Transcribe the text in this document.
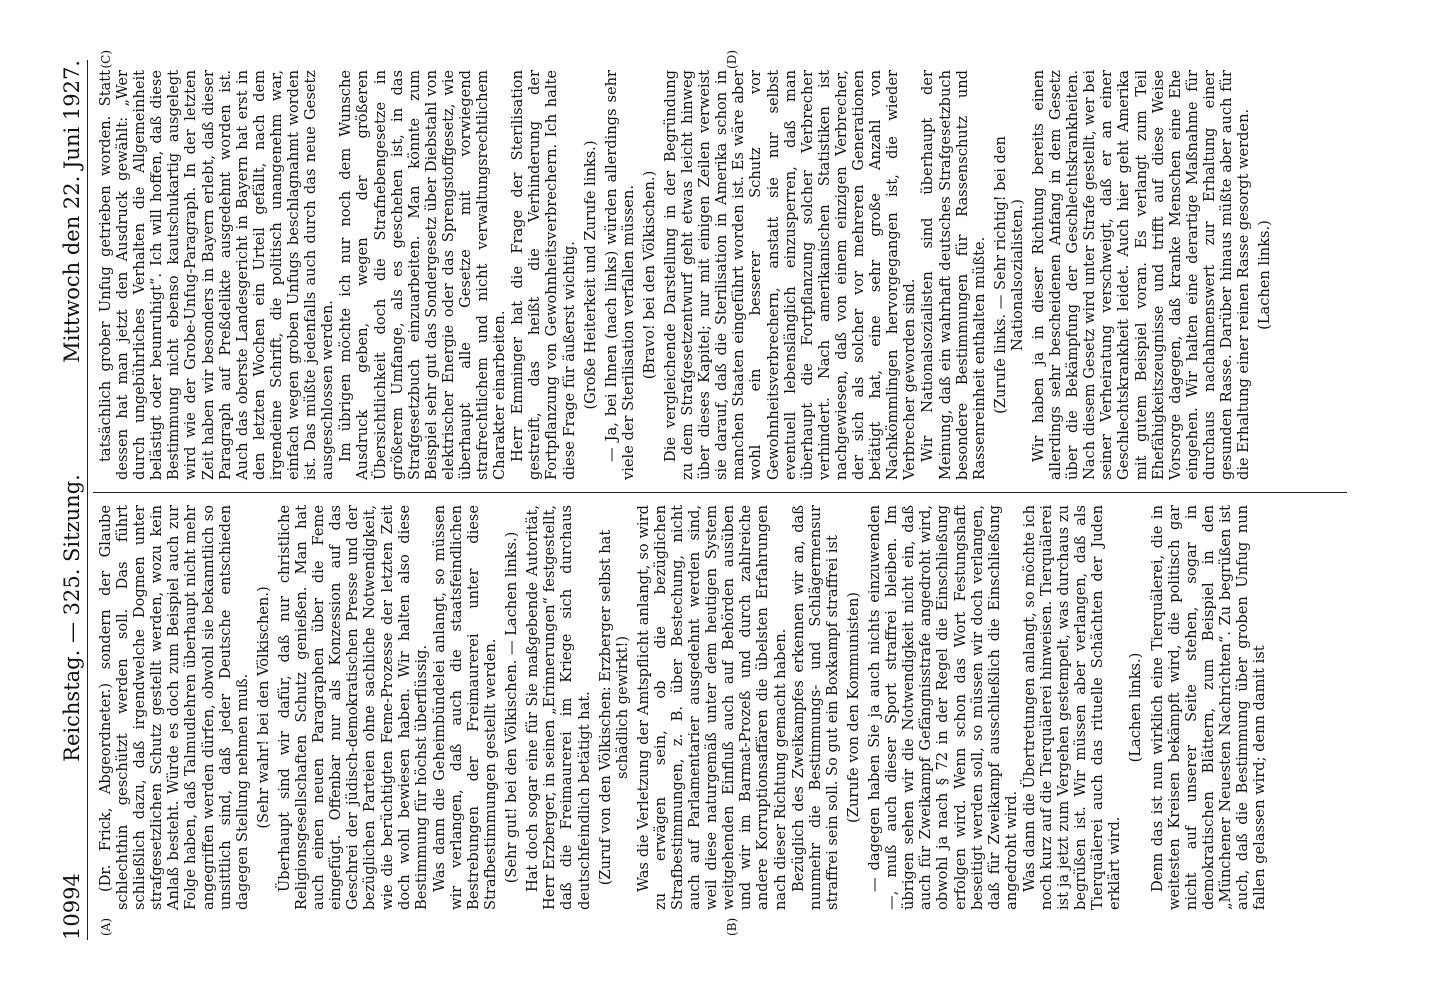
10994
Reichstag. — 325. Sitzung.
Mittwoch den 22. Juni 1927.
(A)	(B)
(C)	(D)

(Dr. Frick, Abgeordneter.) sondern der Glaube schlechthin geschützt werden soll. Das führt schließlich dazu, daß irgendwelche Dogmen unter strafgesetzlichen Schutz gestellt werden, wozu kein Anlaß besteht. Würde es doch zum Beispiel auch zur Folge haben, daß Talmudlehren überhaupt nicht mehr angegriffen werden dürfen, obwohl sie bekanntlich so unsittlich sind, daß jeder Deutsche entschieden dagegen Stellung nehmen muß. (Sehr wahr! bei den Völkischen.) Überhaupt sind wir dafür, daß nur christliche Religionsgesellschaften Schutz genießen. Man hat auch einen neuen Paragraphen über die Feme eingefügt. Offenbar nur als Konzession auf das Geschrei der jüdisch-demokratischen Presse und der bezüglichen Parteien ohne sachliche Notwendigkeit, wie die berüchtigten Feme-Prozesse der letzten Zeit doch wohl bewiesen haben. Wir halten also diese Bestimmung für höchst überflüssig. Was dann die Geheimbündelei anlangt, so müssen wir verlangen, daß auch die staatsfeindlichen Bestrebungen der Freimaurerei unter diese Strafbestimmungen gestellt werden. (Sehr gut! bei den Völkischen. — Lachen links.) Hat doch sogar eine für Sie maßgebende Autorität, Herr Erzberger, in seinen „Erinnerungen“ festgestellt, daß die Freimaurerei im Kriege sich durchaus deutschfeindlich betätigt hat. (Zuruf von den Völkischen: Erzberger selbst hat schädlich gewirkt!) Was die Verletzung der Amtspflicht anlangt, so wird zu erwägen sein, ob die bezüglichen Strafbestimmungen, z. B. über Bestechung, nicht auch auf Parlamentarier ausgedehnt werden sind, weil diese naturgemäß unter dem heutigen System weitgehenden Einfluß auch auf Behörden ausüben und wir im Barmat-Prozeß und durch zahlreiche andere Korruptionsaffären die übelsten Erfahrungen nach dieser Richtung gemacht haben. Bezüglich des Zweikampfes erkennen wir an, daß nunmehr die Bestimmungs- und Schlägermensur straffrei sein soll. So gut ein Boxkampf straffrei ist (Zurufe von den Kommunisten) — dagegen haben Sie ja auch nichts einzuwenden —, muß auch dieser Sport straffrei bleiben. Im übrigen sehen wir die Notwendigkeit nicht ein, daß auch für Zweikampf Gefängnisstrafe angedroht wird, obwohl ja nach § 72 in der Regel die Einschließung erfolgen wird. Wenn schon das Wort Festungshaft beseitigt werden soll, so müssen wir doch verlangen, daß für Zweikampf ausschließlich die Einschließung angedroht wird. Was dann die Übertretungen anlangt, so möchte ich noch kurz auf die Tierquälerei hinweisen. Tierquälerei ist ja jetzt zum Vergehen gestempelt, was durchaus zu begrüßen ist. Wir müssen aber verlangen, daß als Tierquälerei auch das rituelle Schächten der Juden erklärt wird.

(Lachen links.) Denn das ist nun wirklich eine Tierquälerei, die in weitesten Kreisen bekämpft wird, die politisch gar nicht auf unserer Seite stehen, sogar in demokratischen Blättern, zum Beispiel in den „Münchener Neuesten Nachrichten“. Zu begrüßen ist auch, daß die Bestimmung über groben Unfug nun fallen gelassen wird; denn damit ist

tatsächlich grober Unfug getrieben worden. Statt dessen hat man jetzt den Ausdruck gewählt: „Wer durch ungebührliches Verhalten die Allgemeinheit belästigt oder beunruhigt“. Ich will hoffen, daß diese Bestimmung nicht ebenso kautschukartig ausgelegt wird wie der Grobe-Unfug-Paragraph. In der letzten Zeit haben wir besonders in Bayern erlebt, daß dieser Paragraph auf Preßdelikte ausgedehnt worden ist. Auch das oberste Landesgericht in Bayern hat erst in den letzten Wochen ein Urteil gefällt, nach dem irgendeine Schrift, die politisch unangenehm war, einfach wegen groben Unfugs beschlagnahmt worden ist. Das müßte jedenfalls auch durch das neue Gesetz ausgeschlossen werden. Im übrigen möchte ich nur noch dem Wunsche Ausdruck geben, wegen der größeren Übersichtlichkeit doch die Strafnebengesetze in größerem Umfange, als es geschehen ist, in das Strafgesetzbuch einzuarbeiten. Man könnte zum Beispiel sehr gut das Sondergesetz über Diebstahl von elektrischer Energie oder das Sprengstoffgesetz, wie überhaupt alle Gesetze mit vorwiegend strafrechtlichem und nicht verwaltungsrechtlichem Charakter einarbeiten. Herr Emminger hat die Frage der Sterilisation gestreift, das heißt die Verhinderung der Fortpflanzung von Gewohnheitsverbrechern. Ich halte diese Frage für äußerst wichtig. (Große Heiterkeit und Zurufe links.) — Ja, bei Ihnen (nach links) würden allerdings sehr viele der Sterilisation verfallen müssen. (Bravo! bei den Völkischen.) Die vergleichende Darstellung in der Begründung zu dem Strafgesetzentwurf geht etwas leicht hinweg über dieses Kapitel; nur mit einigen Zeilen verweist sie darauf, daß die Sterilisation in Amerika schon in manchen Staaten eingeführt worden ist. Es wäre aber wohl ein besserer Schutz vor Gewohnheitsverbrechern, anstatt sie nur selbst eventuell lebenslänglich einzusperren, daß man überhaupt die Fortpflanzung solcher Verbrecher verhindert. Nach amerikanischen Statistiken ist nachgewiesen, daß von einem einzigen Verbrecher, der sich als solcher vor mehreren Generationen betätigt hat, eine sehr große Anzahl von Nachkömmlingen hervorgegangen ist, die wieder Verbrecher geworden sind. Wir Nationalsozialisten sind überhaupt der Meinung, daß ein wahrhaft deutsches Strafgesetzbuch besondere Bestimmungen für Rassenschutz und Rassenreinheit enthalten müßte. (Zurufe links. — Sehr richtig! bei den Nationalsozialisten.) Wir haben ja in dieser Richtung bereits einen allerdings sehr bescheidenen Anfang in dem Gesetz über die Bekämpfung der Geschlechtskrankheiten. Nach diesem Gesetz wird unter Strafe gestellt, wer bei seiner Verheiratung verschweigt, daß er an einer Geschlechtskrankheit leidet. Auch hier geht Amerika mit gutem Beispiel voran. Es verlangt zum Teil Ehefähigkeitszeugnisse und trifft auf diese Weise Vorsorge dagegen, daß kranke Menschen eine Ehe eingehen. Wir halten eine derartige Maßnahme für durchaus nachahmenswert zur Erhaltung einer gesunden Rasse. Darüber hinaus müßte aber auch für die Erhaltung einer reinen Rasse gesorgt werden. (Lachen links.)
